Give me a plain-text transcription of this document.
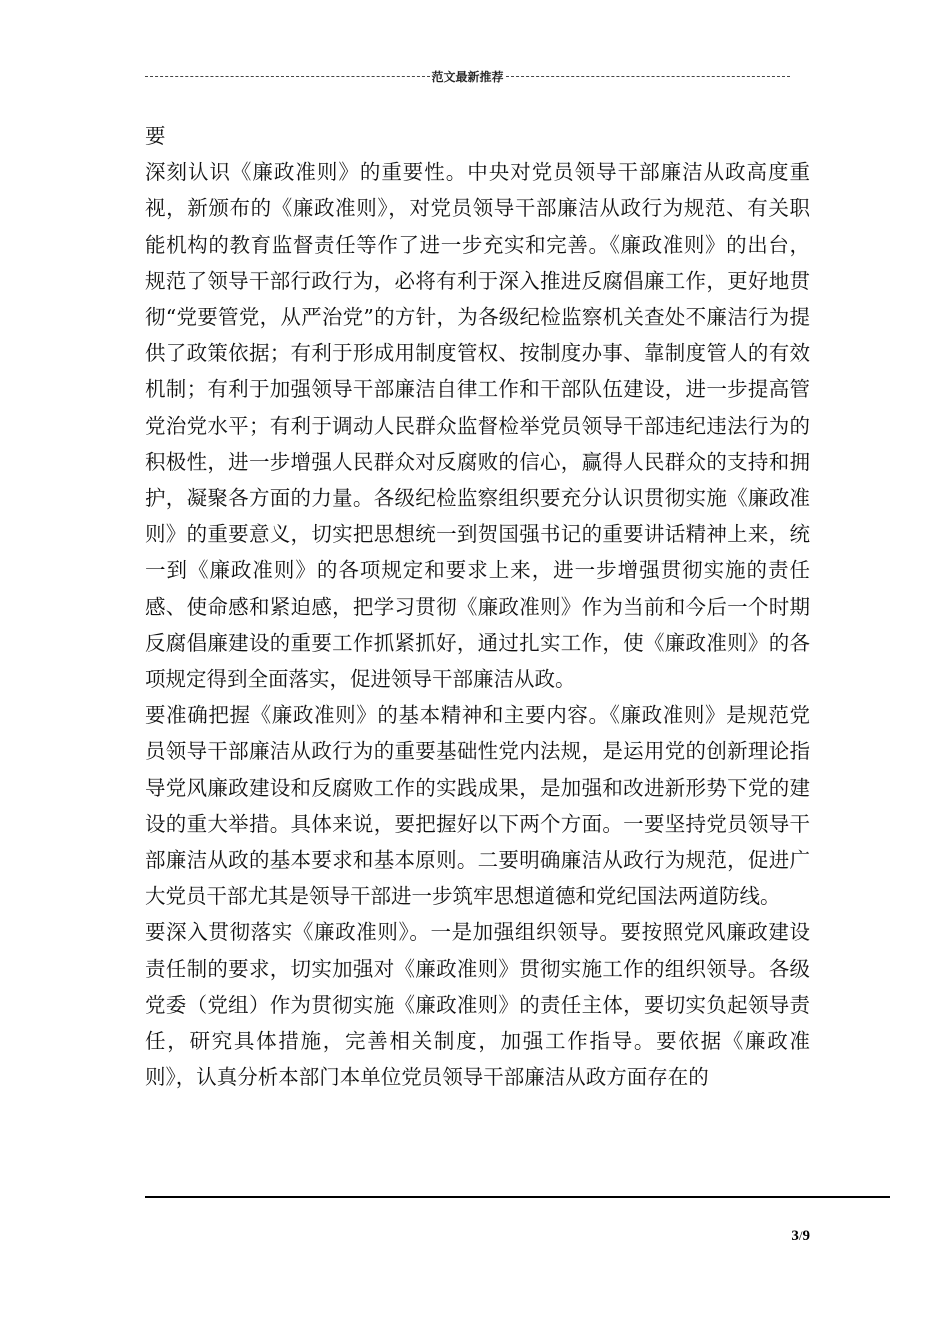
范文最新推荐

要

深刻认识《廉政准则》的重要性。中央对党员领导干部廉洁从政高度重视，新颁布的《廉政准则》，对党员领导干部廉洁从政行为规范、有关职能机构的教育监督责任等作了进一步充实和完善。《廉政准则》的出台，规范了领导干部行政行为，必将有利于深入推进反腐倡廉工作，更好地贯彻“党要管党，从严治党”的方针，为各级纪检监察机关查处不廉洁行为提供了政策依据；有利于形成用制度管权、按制度办事、靠制度管人的有效机制；有利于加强领导干部廉洁自律工作和干部队伍建设，进一步提高管党治党水平；有利于调动人民群众监督检举党员领导干部违纪违法行为的积极性，进一步增强人民群众对反腐败的信心，赢得人民群众的支持和拥护，凝聚各方面的力量。各级纪检监察组织要充分认识贯彻实施《廉政准则》的重要意义，切实把思想统一到贺国强书记的重要讲话精神上来，统一到《廉政准则》的各项规定和要求上来，进一步增强贯彻实施的责任感、使命感和紧迫感，把学习贯彻《廉政准则》作为当前和今后一个时期反腐倡廉建设的重要工作抓紧抓好，通过扎实工作，使《廉政准则》的各项规定得到全面落实，促进领导干部廉洁从政。

要准确把握《廉政准则》的基本精神和主要内容。《廉政准则》是规范党员领导干部廉洁从政行为的重要基础性党内法规，是运用党的创新理论指导党风廉政建设和反腐败工作的实践成果，是加强和改进新形势下党的建设的重大举措。具体来说，要把握好以下两个方面。一要坚持党员领导干部廉洁从政的基本要求和基本原则。二要明确廉洁从政行为规范，促进广大党员干部尤其是领导干部进一步筑牢思想道德和党纪国法两道防线。

要深入贯彻落实《廉政准则》。一是加强组织领导。要按照党风廉政建设责任制的要求，切实加强对《廉政准则》贯彻实施工作的组织领导。各级党委（党组）作为贯彻实施《廉政准则》的责任主体，要切实负起领导责任，研究具体措施，完善相关制度，加强工作指导。要依据《廉政准则》，认真分析本部门本单位党员领导干部廉洁从政方面存在的

3/9
